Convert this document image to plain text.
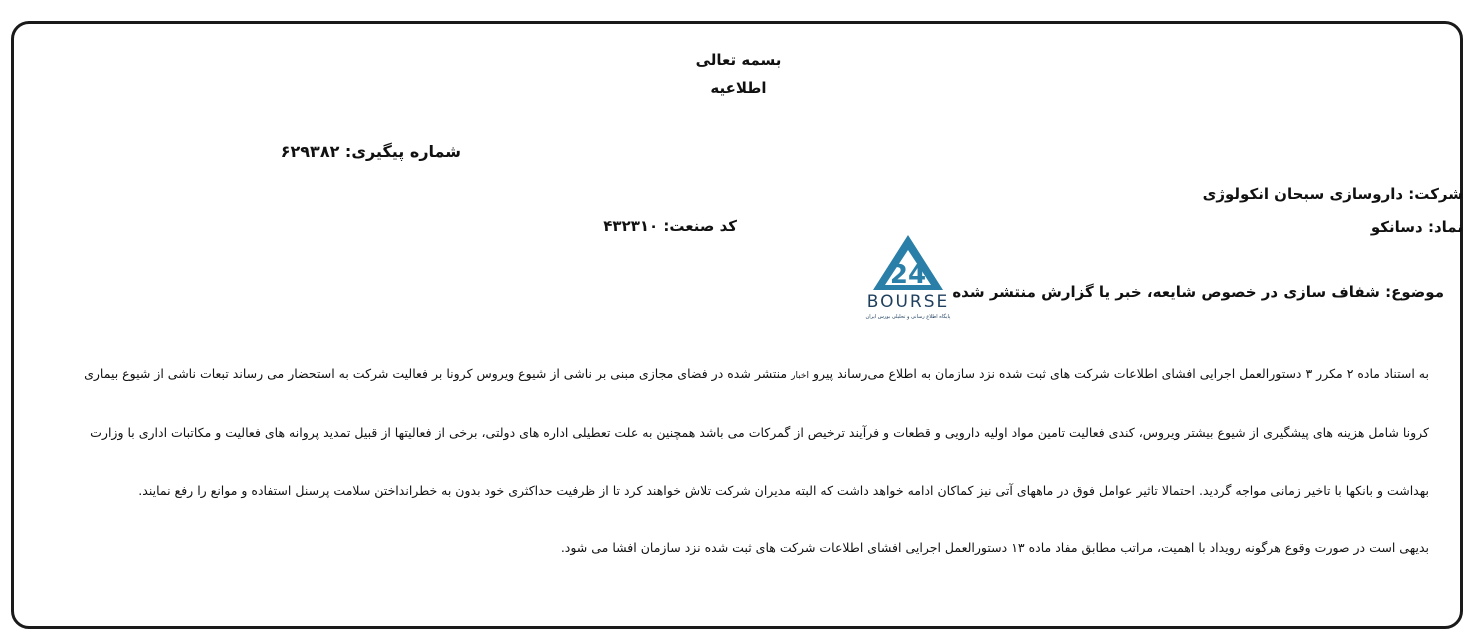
بسمه تعالی
اطلاعیه
شماره پیگیری: ۶۲۹۳۸۲
شرکت: داروسازی سبحان انکولوژی
نماد: دسانکو
کد صنعت: ۴۳۲۳۱۰
موضوع: شفاف سازی در خصوص شایعه، خبر یا گزارش منتشر شده
24
BOURSE
پایگاه اطلاع رسانی و تحلیلی بورس ایران
به استناد ماده ۲ مکرر ۳ دستورالعمل اجرایی افشای اطلاعات شرکت های ثبت شده نزد سازمان به اطلاع می‌رساند پیرو اخبار منتشر شده در فضای مجازی مبنی بر ناشی از شیوع ویروس کرونا بر فعالیت شرکت به استحضار می رساند تبعات ناشی از شیوع بیماری
کرونا شامل هزینه های پیشگیری از شیوع بیشتر ویروس، کندی فعالیت تامین مواد اولیه دارویی و قطعات و فرآیند ترخیص از گمرکات می باشد همچنین به علت تعطیلی اداره های دولتی، برخی از فعالیتها از قبیل تمدید پروانه های فعالیت و مکاتبات اداری با وزارت
بهداشت و بانکها با تاخیر زمانی مواجه گردید. احتمالا تاثیر عوامل فوق در ماههای آتی نیز کماکان ادامه خواهد داشت که البته مدیران شرکت تلاش خواهند کرد تا از ظرفیت حداکثری خود بدون به خطرانداختن سلامت پرسنل استفاده و موانع را رفع نمایند.
بدیهی است در صورت وقوع هرگونه رویداد با اهمیت، مراتب مطابق مفاد ماده ۱۳ دستورالعمل اجرایی افشای اطلاعات شرکت های ثبت شده نزد سازمان افشا می شود.
